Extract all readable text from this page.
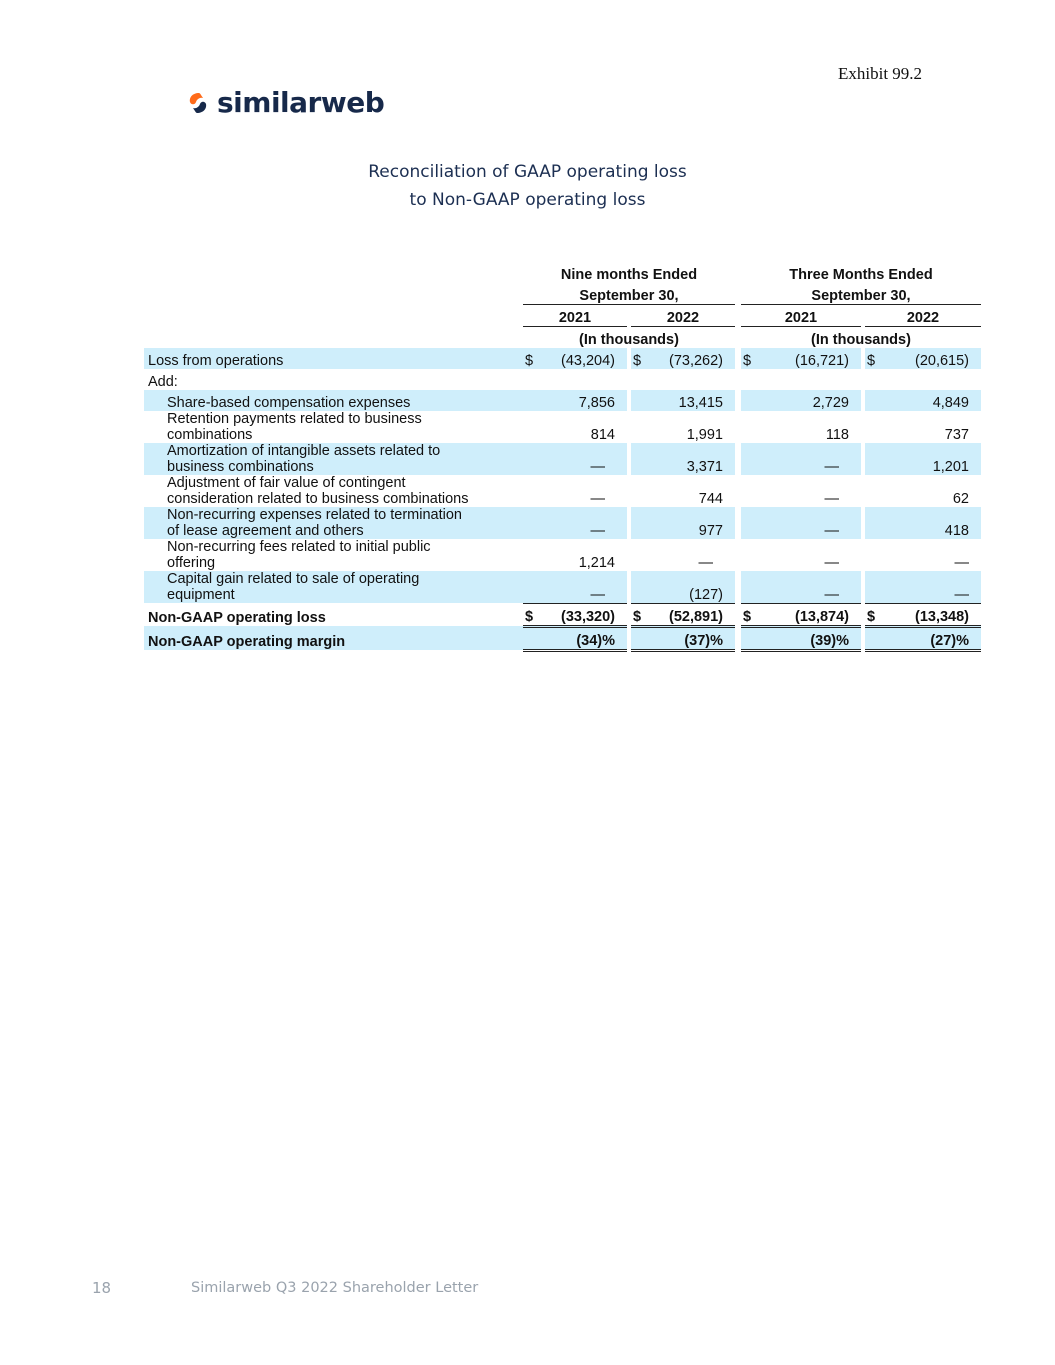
Exhibit 99.2
similarweb
Reconciliation of GAAP operating loss
to Non-GAAP operating loss
	Nine months Ended						Three Months Ended				
	September 30,						September 30,				
	2021			2022			2021			2022	
	(In thousands)						(In thousands)				
Loss from operations	$	(43,204)		$	(73,262)		$	(16,721)		$	(20,615)
Add:											
Share-based compensation expenses		7,856			13,415			2,729			4,849

Retention payments related to business
combinations		814			1,991			118			737

Amortization of intangible assets related to
business combinations		—			3,371			—			1,201

Adjustment of fair value of contingent
consideration related to business combinations		—			744			—			62

Non-recurring expenses related to termination
of lease agreement and others		—			977			—			418

Non-recurring fees related to initial public
offering		1,214			—			—			—

Capital gain related to sale of operating
equipment		—			(127)			—			—
Non-GAAP operating loss	$	(33,320)		$	(52,891)		$	(13,874)		$	(13,348)
Non-GAAP operating margin		(34)%			(37)%			(39)%			(27)%
18	Similarweb Q3 2022 Shareholder Letter
